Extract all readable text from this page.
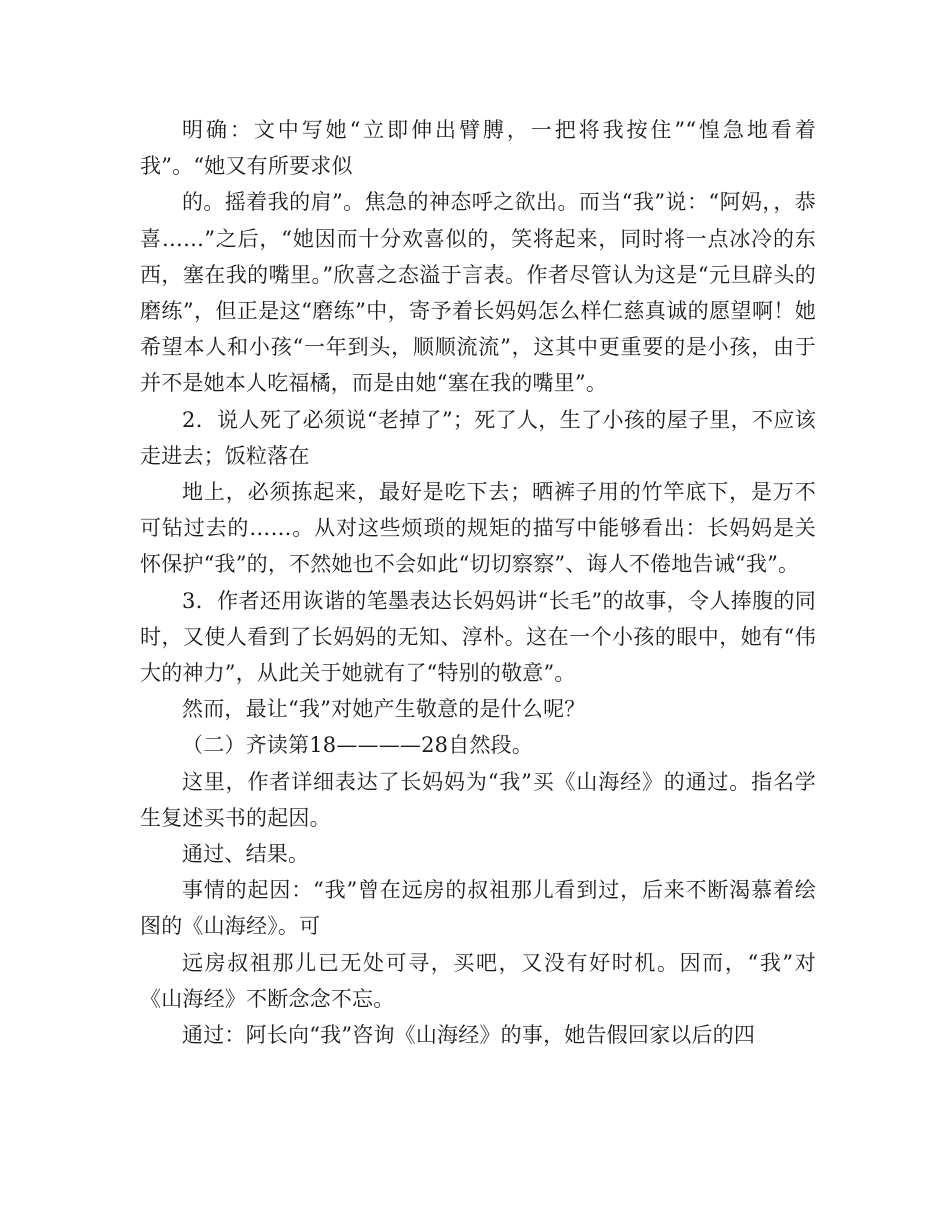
明确：文中写她“立即伸出臂膊，一把将我按住”“惶急地看着我”。“她又有所要求似

的。摇着我的肩”。焦急的神态呼之欲出。而当“我”说：“阿妈，，恭喜……”之后，“她因而十分欢喜似的，笑将起来，同时将一点冰冷的东西，塞在我的嘴里。”欣喜之态溢于言表。作者尽管认为这是“元旦辟头的磨练”，但正是这“磨练”中，寄予着长妈妈怎么样仁慈真诚的愿望啊！她希望本人和小孩“一年到头，顺顺流流”，这其中更重要的是小孩，由于并不是她本人吃福橘，而是由她“塞在我的嘴里”。

2．说人死了必须说“老掉了”；死了人，生了小孩的屋子里，不应该走进去；饭粒落在

地上，必须拣起来，最好是吃下去；晒裤子用的竹竿底下，是万不可钻过去的……。从对这些烦琐的规矩的描写中能够看出：长妈妈是关怀保护“我”的，不然她也不会如此“切切察察”、诲人不倦地告诫“我”。

3．作者还用诙谐的笔墨表达长妈妈讲“长毛”的故事，令人捧腹的同时，又使人看到了长妈妈的无知、淳朴。这在一个小孩的眼中，她有“伟大的神力”，从此关于她就有了“特别的敬意”。

然而，最让“我”对她产生敬意的是什么呢？

（二）齐读第18————28自然段。

这里，作者详细表达了长妈妈为“我”买《山海经》的通过。指名学生复述买书的起因。

通过、结果。

事情的起因：“我”曾在远房的叔祖那儿看到过，后来不断渴慕着绘图的《山海经》。可

远房叔祖那儿已无处可寻，买吧，又没有好时机。因而，“我”对《山海经》不断念念不忘。

通过：阿长向“我”咨询《山海经》的事，她告假回家以后的四
